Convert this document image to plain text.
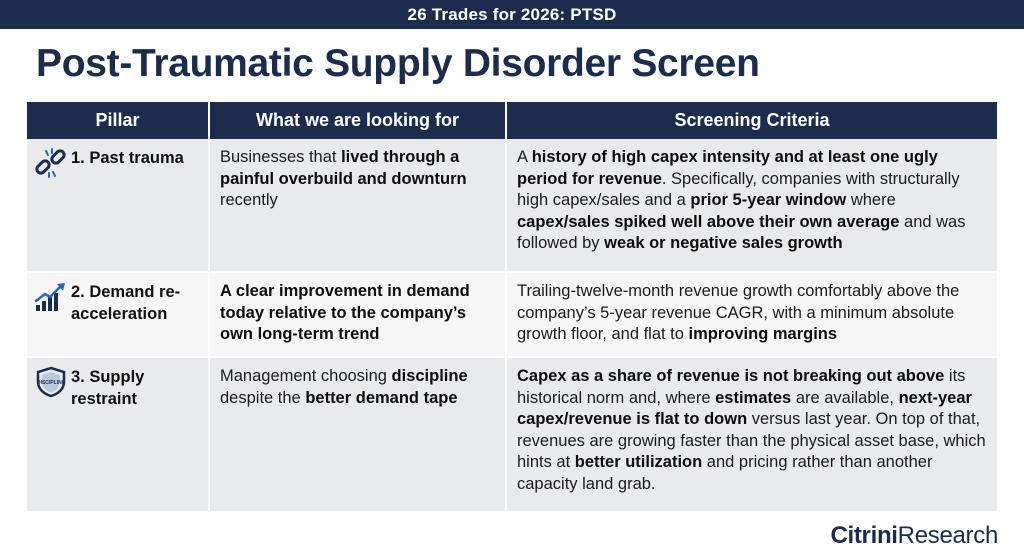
26 Trades for 2026: PTSD
Post-Traumatic Supply Disorder Screen
Pillar	What we are looking for	Screening Criteria

1. Past trauma	Businesses that lived through a painful overbuild and downturn recently	A history of high capex intensity and at least one ugly period for revenue. Specifically, companies with structurally high capex/sales and a prior 5-year window where capex/sales spiked well above their own average and was followed by weak or negative sales growth

2. Demand re-acceleration	A clear improvement in demand today relative to the company’s own long-term trend	Trailing-twelve-month revenue growth comfortably above the company’s 5-year revenue CAGR, with a minimum absolute growth floor, and flat to improving margins

DISCIPLINE 3. Supply restraint	Management choosing discipline despite the better demand tape	Capex as a share of revenue is not breaking out above its historical norm and, where estimates are available, next-year capex/revenue is flat to down versus last year. On top of that, revenues are growing faster than the physical asset base, which hints at better utilization and pricing rather than another capacity land grab.
CitriniResearch
